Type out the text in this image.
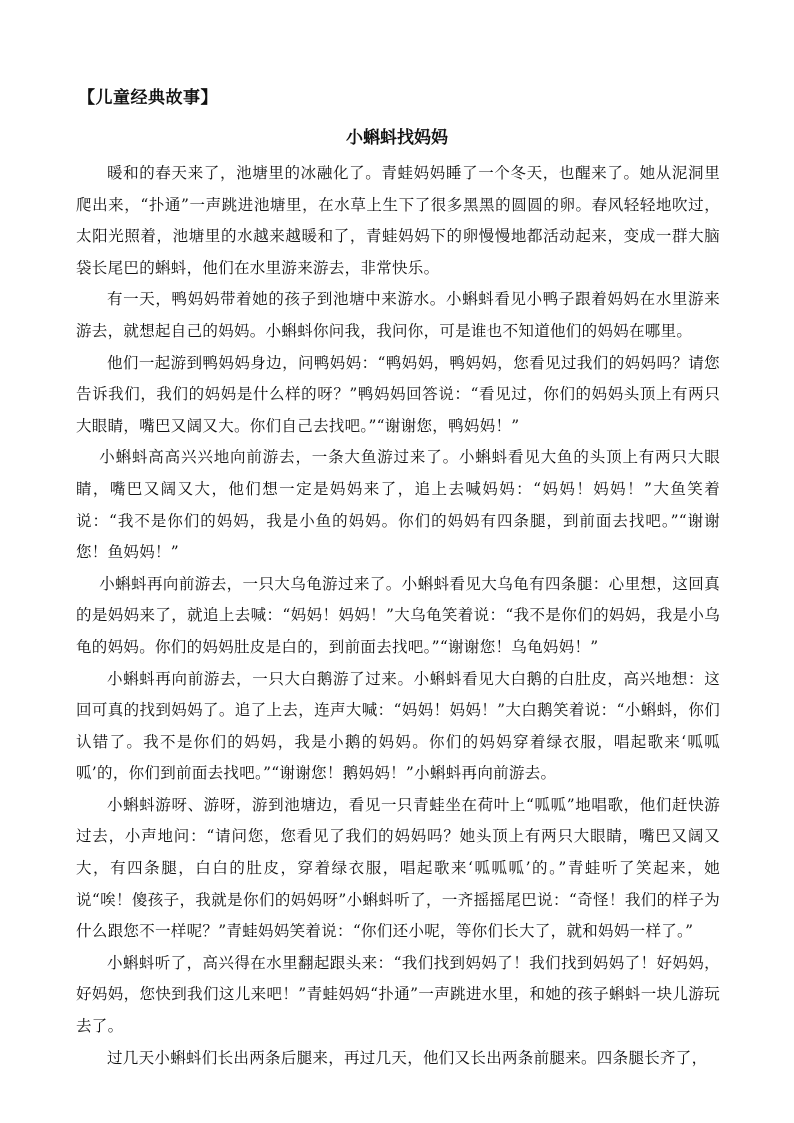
【儿童经典故事】
小蝌蚪找妈妈

暖和的春天来了，池塘里的冰融化了。青蛙妈妈睡了一个冬天，也醒来了。她从泥洞里爬出来，“扑通”一声跳进池塘里，在水草上生下了很多黑黑的圆圆的卵。春风轻轻地吹过，太阳光照着，池塘里的水越来越暖和了，青蛙妈妈下的卵慢慢地都活动起来，变成一群大脑袋长尾巴的蝌蚪，他们在水里游来游去，非常快乐。

有一天，鸭妈妈带着她的孩子到池塘中来游水。小蝌蚪看见小鸭子跟着妈妈在水里游来游去，就想起自己的妈妈。小蝌蚪你问我，我问你，可是谁也不知道他们的妈妈在哪里。

他们一起游到鸭妈妈身边，问鸭妈妈：“鸭妈妈，鸭妈妈，您看见过我们的妈妈吗？请您告诉我们，我们的妈妈是什么样的呀？”鸭妈妈回答说：“看见过，你们的妈妈头顶上有两只大眼睛，嘴巴又阔又大。你们自己去找吧。”“谢谢您，鸭妈妈！”

小蝌蚪高高兴兴地向前游去，一条大鱼游过来了。小蝌蚪看见大鱼的头顶上有两只大眼睛，嘴巴又阔又大，他们想一定是妈妈来了，追上去喊妈妈：“妈妈！妈妈！”大鱼笑着说：“我不是你们的妈妈，我是小鱼的妈妈。你们的妈妈有四条腿，到前面去找吧。”“谢谢您！鱼妈妈！”

小蝌蚪再向前游去，一只大乌龟游过来了。小蝌蚪看见大乌龟有四条腿：心里想，这回真的是妈妈来了，就追上去喊：“妈妈！妈妈！”大乌龟笑着说：“我不是你们的妈妈，我是小乌龟的妈妈。你们的妈妈肚皮是白的，到前面去找吧。”“谢谢您！乌龟妈妈！”

小蝌蚪再向前游去，一只大白鹅游了过来。小蝌蚪看见大白鹅的白肚皮，高兴地想：这回可真的找到妈妈了。追了上去，连声大喊：“妈妈！妈妈！”大白鹅笑着说：“小蝌蚪，你们认错了。我不是你们的妈妈，我是小鹅的妈妈。你们的妈妈穿着绿衣服，唱起歌来‘呱呱呱’的，你们到前面去找吧。”“谢谢您！鹅妈妈！”小蝌蚪再向前游去。

小蝌蚪游呀、游呀，游到池塘边，看见一只青蛙坐在荷叶上“呱呱”地唱歌，他们赶快游过去，小声地问：“请问您，您看见了我们的妈妈吗？她头顶上有两只大眼睛，嘴巴又阔又大，有四条腿，白白的肚皮，穿着绿衣服，唱起歌来‘呱呱呱’的。”青蛙听了笑起来，她说“唉！傻孩子，我就是你们的妈妈呀”小蝌蚪听了，一齐摇摇尾巴说：“奇怪！我们的样子为什么跟您不一样呢？”青蛙妈妈笑着说：“你们还小呢，等你们长大了，就和妈妈一样了。”

小蝌蚪听了，高兴得在水里翻起跟头来：“我们找到妈妈了！我们找到妈妈了！好妈妈，好妈妈，您快到我们这儿来吧！”青蛙妈妈“扑通”一声跳进水里，和她的孩子蝌蚪一块儿游玩去了。

过几天小蝌蚪们长出两条后腿来，再过几天，他们又长出两条前腿来。四条腿长齐了，
